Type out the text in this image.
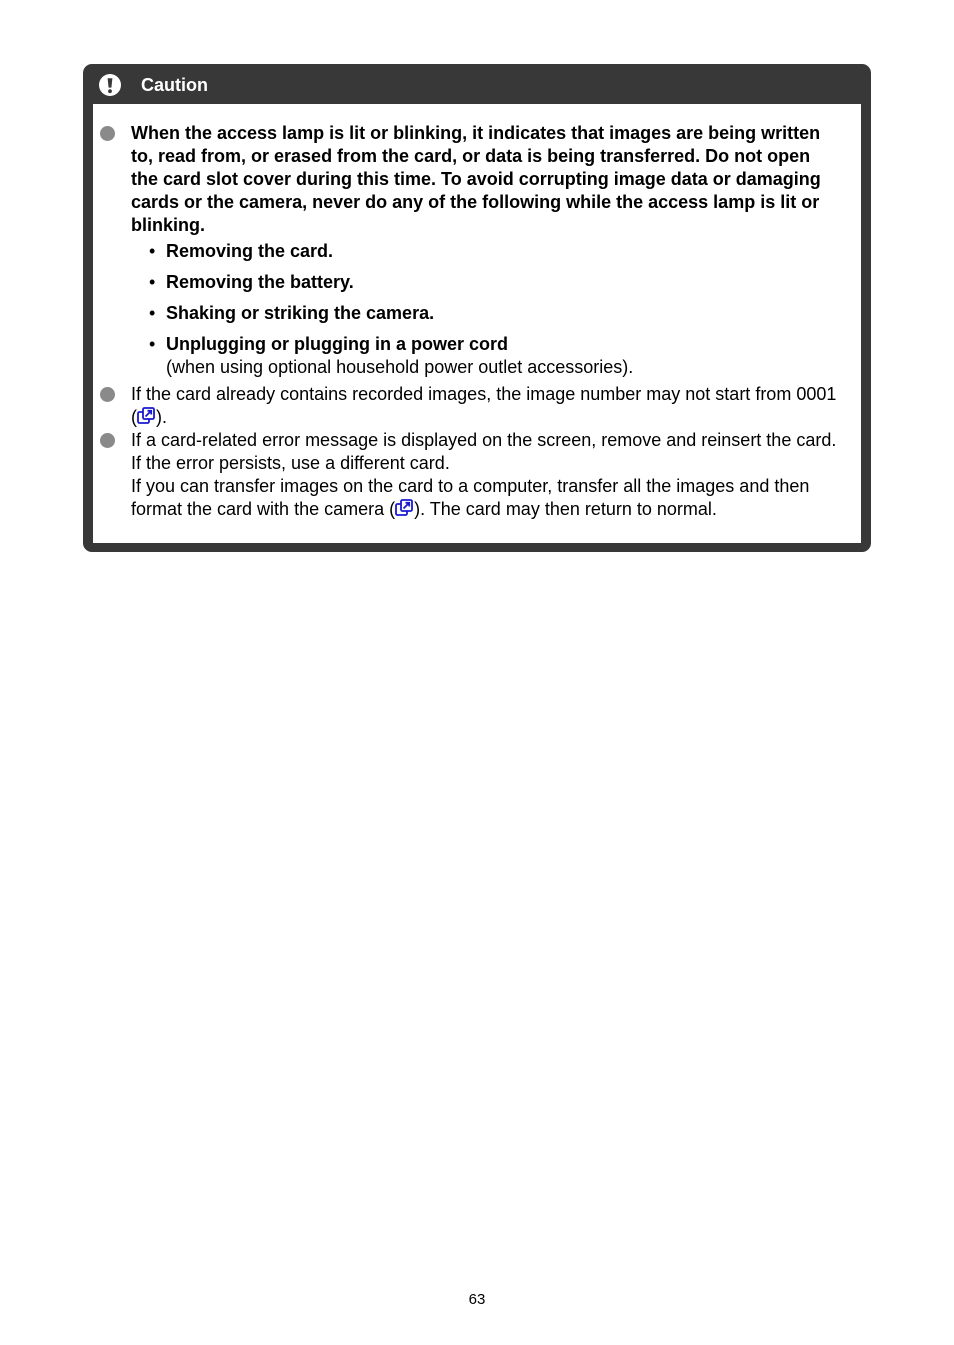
Caution
When the access lamp is lit or blinking, it indicates that images are being written to, read from, or erased from the card, or data is being transferred. Do not open the card slot cover during this time. To avoid corrupting image data or damaging cards or the camera, never do any of the following while the access lamp is lit or blinking.
• Removing the card.
• Removing the battery.
• Shaking or striking the camera.
• Unplugging or plugging in a power cord
(when using optional household power outlet accessories).
If the card already contains recorded images, the image number may not start from 0001 ( ).
If a card-related error message is displayed on the screen, remove and reinsert the card. If the error persists, use a different card.
If you can transfer images on the card to a computer, transfer all the images and then format the card with the camera ( ). The card may then return to normal.
63
